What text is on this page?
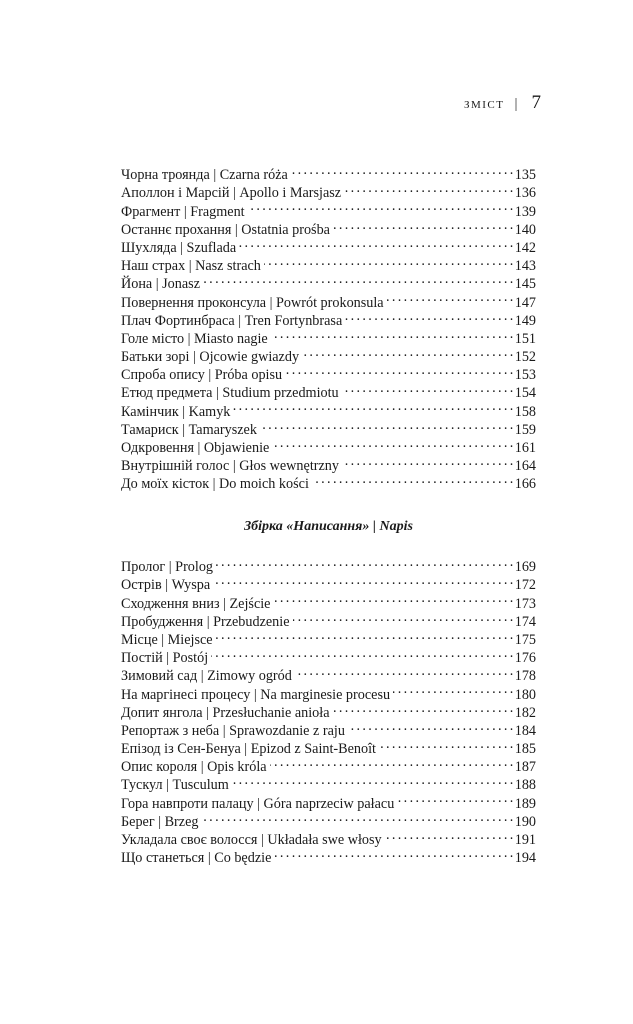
ЗМІСТ | 7
Чорна троянда | Czarna róża . . .	135
Аполлон і Марсій | Apollo i Marsjasz . . .	136
Фрагмент | Fragment . . .	139
Останнє прохання | Ostatnia prośba . . .	140
Шухляда | Szuflada . . .	142
Наш страх | Nasz strach . . .	143
Йона | Jonasz . . .	145
Повернення проконсула | Powrót prokonsula . . .	147
Плач Фортинбраса | Tren Fortynbrasa . . .	149
Голе місто | Miasto nagie . . .	151
Батьки зорі | Ojcowie gwiazdy . . .	152
Спроба опису | Próba opisu . . .	153
Етюд предмета | Studium przedmiotu . . .	154
Камінчик | Kamyk . . .	158
Тамариск | Tamaryszek . . .	159
Одкровення | Objawienie . . .	161
Внутрішній голос | Głos wewnętrzny . . .	164
До моїх кісток | Do moich kości . . .	166
Збірка «Написання» | Napis
Пролог | Prolog . . .	169
Острів | Wyspa . . .	172
Сходження вниз | Zejście . . .	173
Пробудження | Przebudzenie . . .	174
Місце | Miejsce . . .	175
Постій | Postój . . .	176
Зимовий сад | Zimowy ogród . . .	178
На маргінесі процесу | Na marginesie procesu . . .	180
Допит янгола | Przesłuchanie anioła . . .	182
Репортаж з неба | Sprawozdanie z raju . . .	184
Епізод із Сен-Бенуа | Epizod z Saint-Benoît . . .	185
Опис короля | Opis króla . . .	187
Тускул | Tusculum . . .	188
Гора навпроти палацу | Góra naprzeciw pałacu . . .	189
Берег | Brzeg . . .	190
Укладала своє волосся | Układała swe włosy . . .	191
Що станеться | Co będzie . . .	194
